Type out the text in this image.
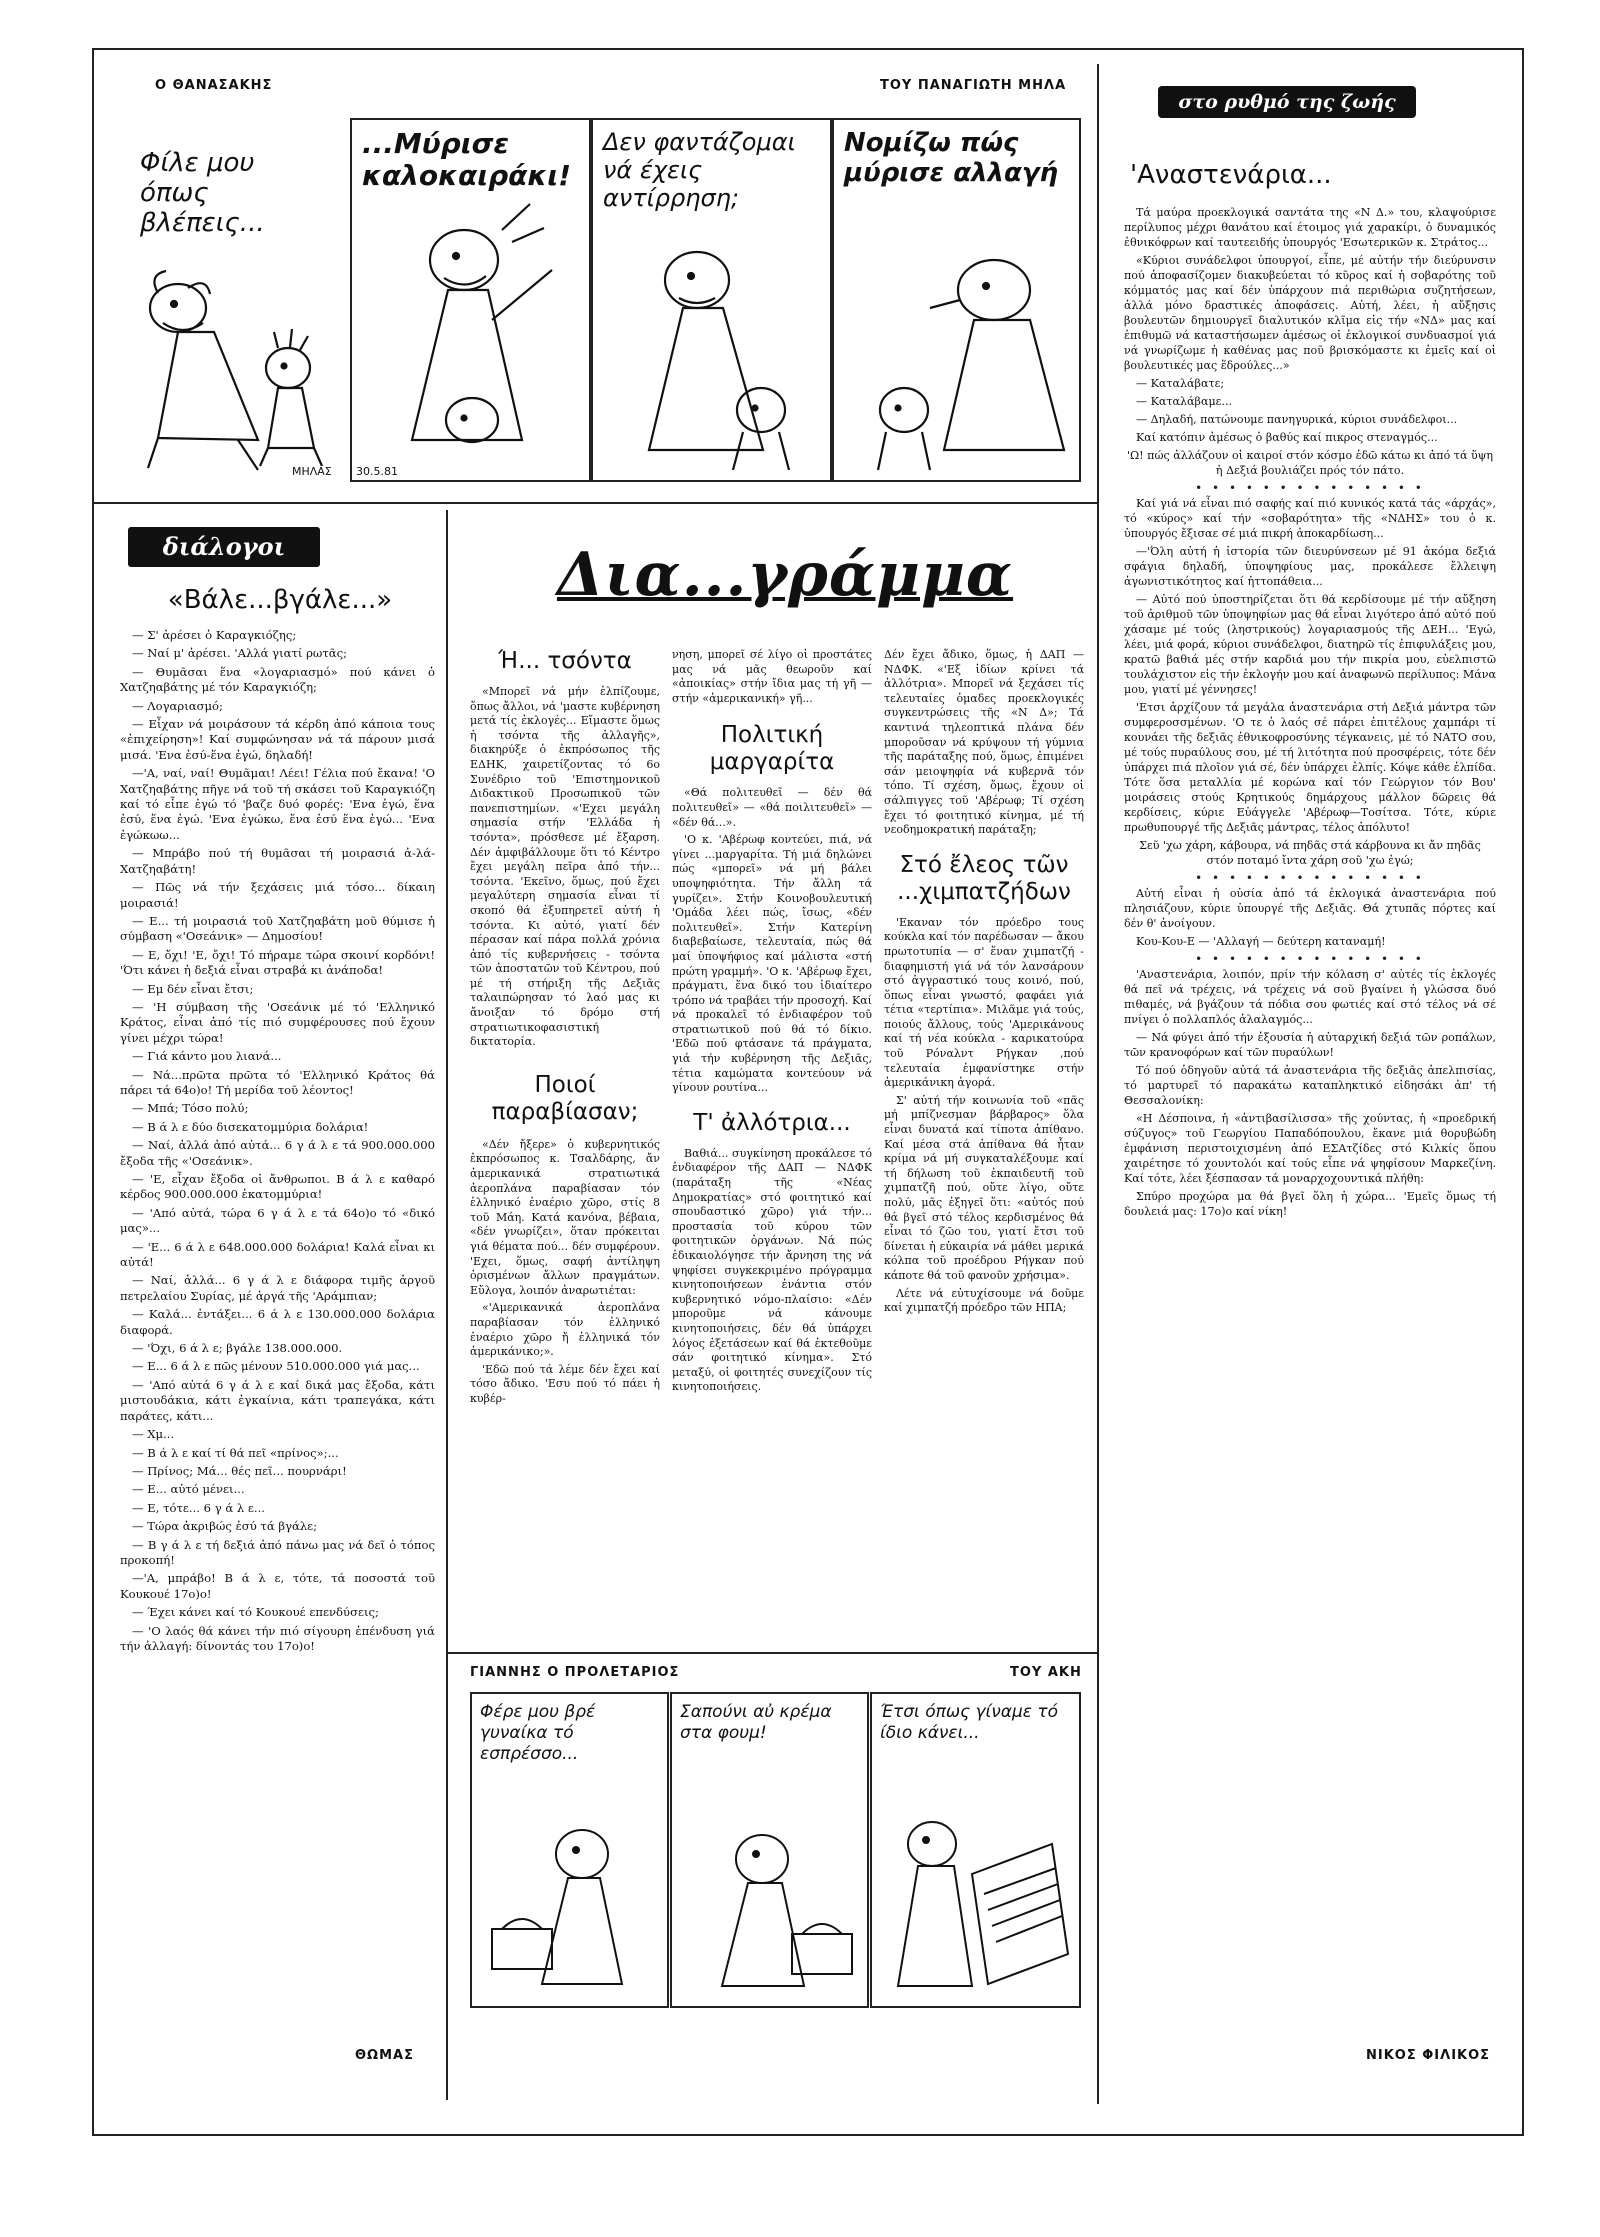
Ο ΘΑΝΑΣΑΚΗΣ	ΤΟΥ ΠΑΝΑΓΙΩΤΗ ΜΗΛΑ
Φίλε μου όπως βλέπεις...
...Μύρισε καλοκαιράκι!
Δεν φαντάζομαι νά έχεις αντίρρηση;
Νομίζω πώς μύρισε αλλαγή
ΜΗΛΑΣ 30.5.81
στο ρυθμό της ζωής
'Αναστενάρια...

Τά μαύρα προεκλογικά σαντάτα της «Ν Δ.» του, κλαψούρισε περίλυπος μέχρι θανάτου καί έτοιμος γιά χαρακίρι, ὁ δυναμικός ἐθνικόφρων καί ταυτεειδής ὑπουργός 'Εσωτερικῶν κ. Στράτος...

«Κύριοι συνάδελφοι ὑπουργοί, εἶπε, μέ αὐτήν τήν διεύρυνσιν πού ἀποφασίζομεν διακυβεύεται τό κῦρος καί ἡ σοβαρότης τοῦ κόμματός μας καί δέν ὑπάρχουν πιά περιθώρια συζητήσεων, ἀλλά μόνο δραστικές ἀποφάσεις. Αὐτή, λέει, ἡ αὔξησις βουλευτῶν δημιουργεῖ διαλυτικόν κλῖμα εἰς τήν «ΝΔ» μας καί ἐπιθυμῶ νά καταστήσωμεν ἀμέσως οἱ ἐκλογικοί συνδυασμοί γιά νά γνωρίζωμε ἡ καθένας μας ποῦ βρισκόμαστε κι ἐμεῖς καί οἱ βουλευτικές μας ἕδρούλες...»

— Καταλάβατε;

— Καταλάβαμε...

— Δηλαδή, πατώνουμε πανηγυρικά, κύριοι συνάδελφοι...

Καί κατόπιν ἀμέσως ὁ βαθύς καί πικρος στεναγμός...

'Ω! πώς ἀλλάζουν οἱ καιροί στόν κόσμο ἐδῶ κάτω κι ἀπό τά ὕψη ἡ Δεξιά βουλιάζει πρός τόν πάτο.

• • • • • • • • • • • • • •

Καί γιά νά εἶναι πιό σαφής καί πιό κυνικός κατά τάς «άρχάς», τό «κύρος» καί τήν «σοβαρότητα» τῆς «ΝΔΗΣ» του ὁ κ. ὑπουργός ἔξισαε σέ μιά πικρή ἀποκαρδίωση...

—'Όλη αὐτή ἡ ἱστορία τῶν διευρύνσεων μέ 91 ἀκόμα δεξιά σφάγια δηλαδή, ὑποψηφίους μας, προκάλεσε ἔλλειψη ἀγωνιστικότητος καί ἡττοπάθεια...

— Αὐτό πού ὑποστηρίζεται ὅτι θά κερδίσουμε μέ τήν αὔξηση τοῦ ἀριθμοῦ τῶν ὑποψηφίων μας θά εἶναι λιγότερο ἀπό αὐτό πού χάσαμε μέ τούς (ληστρικούς) λογαριασμούς τῆς ΔΕΗ... 'Εγώ, λέει, μιά φορά, κύριοι συνάδελφοι, διατηρῶ τίς ἐπιφυλάξεις μου, κρατῶ βαθιά μές στήν καρδιά μου τήν πικρία μου, εὐελπιστῶ τουλάχιστον εἰς τήν ἐκλογήν μου καί ἀναφωνῶ περίλυπος: Μάνα μου, γιατί μέ γέννησες!

'Ετσι ἀρχίζουν τά μεγάλα ἀναστενάρια στή Δεξιά μάντρα τῶν συμφεροσσμένων. 'Ο τε ὁ λαός σέ πάρει ἐπιτέλους χαμπάρι τί κουνάει τῆς δεξιᾶς ἐθνικοφροσύνης τέγκανεις, μέ τό ΝΑΤΟ σου, μέ τούς πυραύλους σου, μέ τή λιτότητα πού προσφέρεις, τότε δέν ὑπάρχει πιά πλοῖον γιά σέ, δέν ὑπάρχει ἐλπίς. Κόψε κάθε ἐλπίδα. Τότε ὅσα μεταλλία μέ κορώνα καί τόν Γεώργιον τόν Βου' μοιράσεις στούς Κρητικούς δημάρχους μάλλον δῶρεις θά κερδίσεις, κύριε Εὐάγγελε 'Αβέρωφ—Τοσίτσα. Τότε, κύριε πρωθυπουργέ τῆς Δεξιᾶς μάντρας, τέλος ἀπόλυτο!

Σεῦ 'χω χάρη, κάβουρα, νά πηδᾶς στά κάρβουνα κι ἄν πηδᾶς στόν ποταμό ἴντα χάρη σοῦ 'χω ἐγώ;

• • • • • • • • • • • • • •

Αὐτή εἶναι ἡ οὐσία ἀπό τά ἐκλογικά ἀναστενάρια πού πλησιάζουν, κύριε ὑπουργέ τῆς Δεξιᾶς. Θά χτυπᾶς πόρτες καί δέν θ' ἀνοίγουν.

Κου-Κου-Ε — 'Αλλαγή — δεύτερη καταναμή!

• • • • • • • • • • • • • •

'Αναστενάρια, λοιπόν, πρίν τήν κόλαση σ' αὐτές τίς ἐκλογές θά πεῖ νά τρέχεις, νά τρέχεις νά σοῦ βγαίνει ἡ γλώσσα δυό πιθαμές, νά βγάζουν τά πόδια σου φωτιές καί στό τέλος νά σέ πνίγει ὁ πολλαπλός ἀλαλαγμός...

— Νά φύγει ἀπό τήν ἐξουσία ἡ αὐταρχική δεξιά τῶν ροπάλων, τῶν κρανοφόρων καί τῶν πυραύλων!

Τό πού ὁδηγοῦν αὐτά τά ἀναστενάρια τῆς δεξιᾶς ἀπελπισίας, τό μαρτυρεῖ τό παρακάτω καταπληκτικό εἰδησάκι ἀπ' τή Θεσσαλονίκη:

«Η Δέσποινα, ἡ «ἀντιβασίλισσα» τῆς χούντας, ἡ «προεδρική σύζυγος» τοῦ Γεωργίου Παπαδόπουλου, ἔκανε μιά θορυβώδη ἐμφάνιση περιστοιχισμένη ἀπό ΕΣΑτζίδες στό Κιλκίς ὅπου χαιρέτησε τό χουντολόι καί τούς εἶπε νά ψηφίσουν Μαρκεζίνη. Καί τότε, λέει ξέσπασαν τά μοναρχοχουντικά πλήθη:

Σπύρο προχώρα μα θά βγεῖ ὅλη ἡ χώρα... 'Εμεῖς ὅμως τή δουλειά μας: 17ο)ο καί νίκη!

ΝΙΚΟΣ ΦΙΛΙΚΟΣ
διάλογοι
«Βάλε...βγάλε...»

— Σ' ἀρέσει ὁ Καραγκιόζης;

— Ναί μ' ἀρέσει. 'Αλλά γιατί ρωτᾶς;

— Θυμᾶσαι ἕνα «λογαριασμό» πού κάνει ὁ Χατζηαβάτης μέ τόν Καραγκιόζη;

— Λογαριασμό;

— Εἶχαν νά μοιράσουν τά κέρδη ἀπό κάποια τους «ἐπιχείρηση»! Καί συμφώνησαν νά τά πάρουν μισά μισά. 'Ενα ἐσύ-ἕνα ἐγώ, δηλαδή!

—'Α, ναί, ναί! Θυμᾶμαι! Λέει! Γέλια πού ἔκανα! 'Ο Χατζηαβάτης πῆγε νά τοῦ τή σκάσει τοῦ Καραγκιόζη καί τό εἶπε ἐγώ τό 'βαζε δυό φορές: 'Ενα ἐγώ, ἕνα ἐσύ, ἕνα ἐγώ. 'Ενα ἐγώκω, ἕνα ἐσύ ἕνα ἐγώ... 'Ενα ἐγώκωω...

— Μπράβο πού τή θυμᾶσαι τή μοιρασιά ἀ-λά-Χατζηαβάτη!

— Πῶς νά τήν ξεχάσεις μιά τόσο... δίκαιη μοιρασιά!

— Ε... τή μοιρασιά τοῦ Χατζηαβάτη μοῦ θύμισε ἡ σύμβαση «'Οσεάνικ» — Δημοσίου!

— Ε, ὄχι! 'Ε, ὄχι! Τό πήραμε τώρα σκοινί κορδόνι! 'Ότι κάνει ἡ δεξιά εἶναι στραβά κι ἀνάποδα!

— Εμ δέν εἶναι ἔτσι;

— 'Η σύμβαση τῆς 'Οσεάνικ μέ τό 'Ελληνικό Κράτος, εἶναι ἀπό τίς πιό συμφέρουσες πού ἔχουν γίνει μέχρι τώρα!

— Γιά κάντο μου λιανά...

— Νά...πρῶτα πρῶτα τό 'Ελληνικό Κράτος θά πάρει τά 64ο)ο! Τή μερίδα τοῦ λέοντος!

— Μπά; Τόσο πολύ;

— Β ά λ ε δύο δισεκατομμύρια δολάρια!

— Ναί, ἀλλά ἀπό αὐτά... 6 γ ά λ ε τά 900.000.000 ἔξοδα τῆς «'Οσεάνικ».

— 'Ε, εἶχαν ἔξοδα οἱ ἄνθρωποι. Β ά λ ε καθαρό κέρδος 900.000.000 ἑκατομμύρια!

— 'Από αὐτά, τώρα 6 γ ά λ ε τά 64ο)ο τό «δικό μας»...

— 'Ε... 6 ά λ ε 648.000.000 δολάρια! Καλά εἶναι κι αὐτά!

— Ναί, ἀλλά... 6 γ ά λ ε διάφορα τιμῆς ἀργοῦ πετρελαίου Συρίας, μέ ἀργά τῆς 'Αράμπιαν;

— Καλά... ἐντάξει... 6 ά λ ε 130.000.000 δολάρια διαφορά.

— 'Όχι, 6 ά λ ε; βγάλε 138.000.000.

— Ε... 6 ά λ ε πῶς μένουν 510.000.000 γιά μας...

— 'Από αὐτά 6 γ ά λ ε καί δικά μας ἔξοδα, κάτι μιστουδάκια, κάτι ἐγκαίνια, κάτι τραπεγάκα, κάτι παράτες, κάτι...

— Χμ...

— Β ά λ ε καί τί θά πεῖ «πρίνος»;...

— Πρίνος; Μά... θές πεῖ... πουρνάρι!

— Ε... αὐτό μένει...

— Ε, τότε... 6 γ ά λ ε...

— Τώρα ἀκριβώς ἐσύ τά βγάλε;

— Β γ ά λ ε τή δεξιά ἀπό πάνω μας νά δεῖ ὁ τόπος προκοπή!

—'Α, μπράβο! Β ά λ ε, τότε, τά ποσοστά τοῦ Κουκουέ 17ο)ο!

— Έχει κάνει καί τό Κουκουέ επενδύσεις;

— 'Ο λαός θά κάνει τήν πιό σίγουρη ἐπένδυση γιά τήν ἀλλαγή: δίνοντάς του 17ο)ο!

ΘΩΜΑΣ
Δια...γράμμα
Ή... τσόντα

«Μπορεῖ νά μήν ἐλπίζουμε, ὅπως ἄλλοι, νά 'μαστε κυβέρνηση μετά τίς ἐκλογές... Εἴμαστε ὅμως ἡ τσόντα τῆς ἀλλαγῆς», διακηρύξε ὁ ἐκπρόσωπος τῆς ΕΔΗΚ, χαιρετίζοντας τό 6ο Συνέδριο τοῦ 'Επιστημονικοῦ Διδακτικοῦ Προσωπικοῦ τῶν πανεπιστημίων. «'Εχει μεγάλη σημασία στήν 'Ελλάδα ἡ τσόντα», πρόσθεσε μέ ἔξαρση. Δέν ἀμφιβάλλουμε ὅτι τό Κέντρο ἔχει μεγάλη πεῖρα ἀπό τήν... τσόντα. 'Εκεῖνο, ὅμως, πού ἔχει μεγαλύτερη σημασία εἶναι τί σκοπό θά ἐξυπηρετεῖ αὐτή ἡ τσόντα. Κι αὐτό, γιατί δέν πέρασαν καί πάρα πολλά χρόνια ἀπό τίς κυβερνήσεις - τσόντα τῶν ἀποστατῶν τοῦ Κέντρου, πού μέ τή στήριξη τῆς Δεξιᾶς ταλαιπώρησαν τό λαό μας κι ἄνοιξαν τό δρόμο στή στρατιωτικοφασιστική δικτατορία.

Ποιοί παραβίασαν;

«Δέν ἤξερε» ὁ κυβερνητικός ἐκπρόσωπος κ. Τσαλδάρης, ἄν ἀμερικανικά στρατιωτικά ἀεροπλάνα παραβίασαν τόν ἑλληνικό ἐναέριο χῶρο, στίς 8 τοῦ Μάη. Κατά κανόνα, βέβαια, «δέν γνωρίζει», ὅταν πρόκειται γιά θέματα πού... δέν συμφέρουν. 'Εχει, ὅμως, σαφή ἀντίληψη ὁρισμένων ἄλλων πραγμάτων. Εὔλογα, λοιπόν ἀναρωτιέται:

«'Αμερικανικά ἀεροπλάνα παραβίασαν τόν ἑλληνικό ἐναέριο χῶρο ἤ ἑλληνικά τόν ἀμερικάνικο;».

'Εδῶ πού τά λέμε δέν ἔχει καί τόσο ἄδικο. 'Εσυ πού τό πάει ἡ κυβέρ-

νηση, μπορεῖ σέ λίγο οἱ προστάτες μας νά μᾶς θεωροῦν καί «ἀποικίας» στήν ἴδια μας τή γῆ — στήν «ἀμερικανική» γῆ...

Πολιτική μαργαρίτα

«Θά πολιτευθεῖ — δέν θά πολιτευθεῖ» — «θά ποιλιτευθεῖ» — «δέν θά...».

'Ο κ. 'Αβέρωφ κοντεύει, πιά, νά γίνει ...μαργαρίτα. Τή μιά δηλώνει πώς «μπορεῖ» νά μή βάλει υποψηφιότητα. Τήν ἄλλη τά γυρίζει». Στήν Κοινοβουλευτική 'Ομάδα λέει πώς, ἴσως, «δέν πολιτευθεῖ». Στήν Κατερίνη διαβεβαίωσε, τελευταία, πώς θά μαί ὑποψήφιος καί μάλιστα «στή πρώτη γραμμή». 'Ο κ. 'Αβέρωφ ἔχει, πράγματι, ἕνα δικό του ἰδιαίτερο τρόπο νά τραβάει τήν προσοχή. Καί νά προκαλεῖ τό ἐνδιαφέρον τοῦ στρατιωτικοῦ πού θά τό δίκιο. 'Εδῶ πού φτάσανε τά πράγματα, γιά τήν κυβέρνηση τῆς Δεξιᾶς, τέτια καμώματα κοντεύουν νά γίνουν ρουτίνα...

Τ' ἀλλότρια...

Βαθιά... συγκίνηση προκάλεσε τό ἐνδιαφέρον τῆς ΔΑΠ — ΝΔΦΚ (παράταξη τῆς «Νέας Δημοκρατίας» στό φοιτητικό καί σπουδαστικό χῶρο) γιά τήν... προστασία τοῦ κύρου τῶν φοιτητικῶν ὀργάνων. Νά πώς ἐδικαιολόγησε τήν ἄρνηση της νά ψηφίσει συγκεκριμένο πρόγραμμα κινητοποιήσεων ἐνάντια στόν κυβερνητικό νόμο-πλαίσιο: «Δέν μποροῦμε νά κάνουμε κινητοποιήσεις, δέν θά ὑπάρχει λόγος ἐξετάσεων καί θά ἐκτεθοῦμε σάν φοιτητικό κίνημα». Στό μεταξύ, οἱ φοιτητές συνεχίζουν τίς κινητοποιήσεις.

Δέν ἔχει ἄδικο, ὅμως, ἡ ΔΑΠ — ΝΔΦΚ. «'Εξ ἰδίων κρίνει τά ἀλλότρια». Μπορεῖ νά ξεχάσει τίς τελευταίες ὁμαδες προεκλογικές συγκεντρώσεις τῆς «Ν Δ»; Τά καντινά τηλεοπτικά πλάνα δέν μποροῦσαν νά κρύψουν τή γύμνια τῆς παράταξης πού, ὅμως, ἐπιμένει σάν μειοψηφία νά κυβερνᾶ τόν τόπο. Τί σχέση, ὅμως, ἔχουν οἱ σάλπιγγες τοῦ 'Αβέρωφ; Τί σχέση ἔχει τό φοιτητικό κίνημα, μέ τή νεοδημοκρατική παράταξη;

Στό ἔλεος τῶν ...χιμπατζήδων

'Εκαναν τόν πρόεδρο τους κούκλα καί τόν παρέδωσαν — ἄκου πρωτοτυπία — σ' ἕναν χιμπατζή - διαφημιστή γιά νά τόν λανσάρουν στό ἀγγραστικό τους κοινό, πού, ὅπως εἶναι γνωστό, φαφάει γιά τέτια «τερτίπια». Μιλᾶμε γιά τούς, ποιούς ἄλλους, τούς 'Αμερικάνους καί τή νέα κούκλα - καρικατούρα τοῦ Ρόναλντ Ρήγκαν ,πού τελευταία ἐμφανίστηκε στήν ἀμερικάνικη ἀγορά.

Σ' αὐτή τήν κοινωνία τοῦ «πᾶς μή μπίζνεσμαν βάρβαρος» ὅλα εἶναι δυνατά καί τίποτα ἀπίθανο. Καί μέσα στά ἀπίθανα θά ἦταν κρίμα νά μή συγκαταλέξουμε καί τή δήλωση τοῦ ἐκπαιδευτῆ τοῦ χιμπατζῆ πού, οὔτε λίγο, οὔτε πολύ, μᾶς ἐξηγεῖ ὅτι: «αὐτός πού θά βγεῖ στό τέλος κερδισμένος θά εἶναι τό ζῶο του, γιατί ἔτσι τοῦ δίνεται ἡ εὐκαιρία νά μάθει μερικά κόλπα τοῦ προέδρου Ρήγκαν πού κάποτε θά τοῦ φανοῦν χρήσιμα».

Λέτε νά εὐτυχίσουμε νά δοῦμε καί χιμπατζή πρόεδρο τῶν ΗΠΑ;

ΓΙΑΝΝΗΣ Ο ΠΡΟΛΕΤΑΡΙΟΣ	ΤΟΥ ΑΚΗ
Φέρε μου βρέ γυναίκα τό εσπρέσσο...
Σαπούνι αὐ κρέμα στα φουμ!
Έτσι όπως γίναμε τό ίδιο κάνει...
